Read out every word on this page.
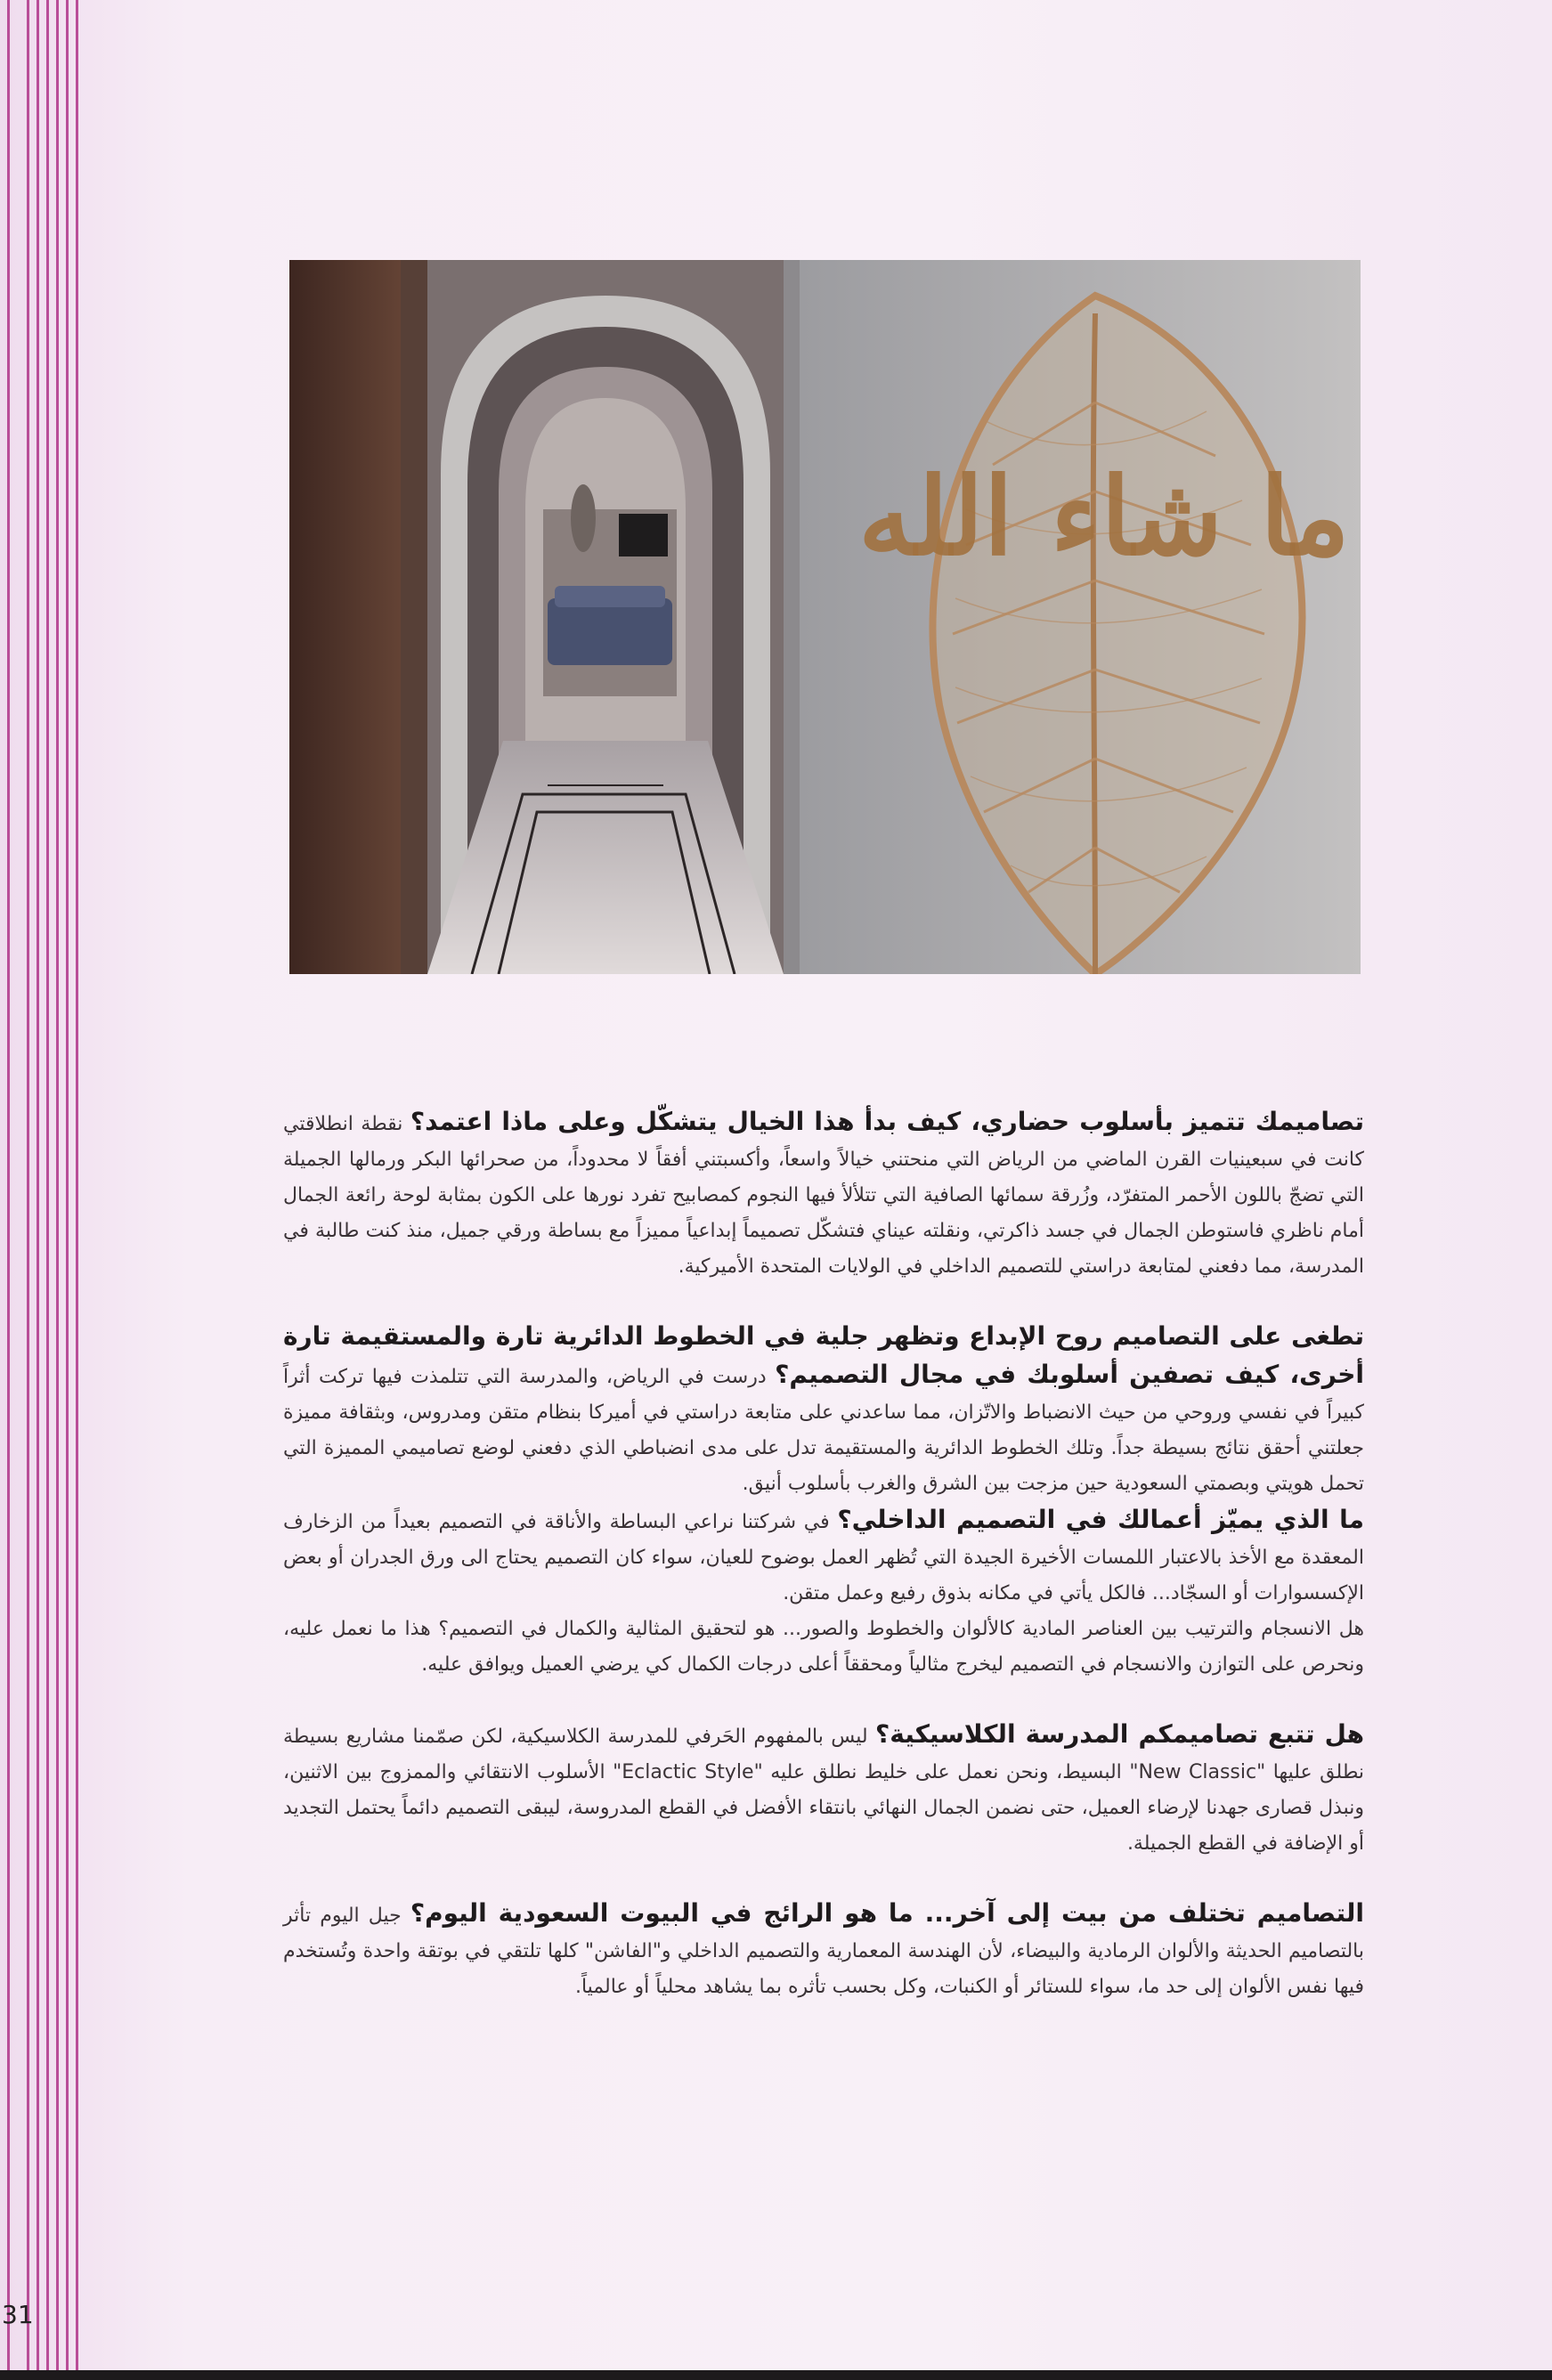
ما شاء الله

تصاميمك تتميز بأسلوب حضاري، كيف بدأ هذا الخيال يتشكّل وعلى ماذا اعتمد؟ نقطة انطلاقتي كانت في سبعينيات القرن الماضي من الرياض التي منحتني خيالاً واسعاً، وأكسبتني أفقاً لا محدوداً، من صحرائها البكر ورمالها الجميلة التي تضجّ باللون الأحمر المتفرّد، وزُرقة سمائها الصافية التي تتلألأ فيها النجوم كمصابيح تفرد نورها على الكون بمثابة لوحة رائعة الجمال أمام ناظري فاستوطن الجمال في جسد ذاكرتي، ونقلته عيناي فتشكّل تصميماً إبداعياً مميزاً مع بساطة ورقي جميل، منذ كنت طالبة في المدرسة، مما دفعني لمتابعة دراستي للتصميم الداخلي في الولايات المتحدة الأميركية.

تطغى على التصاميم روح الإبداع وتظهر جلية في الخطوط الدائرية تارة والمستقيمة تارة أخرى، كيف تصفين أسلوبك في مجال التصميم؟ درست في الرياض، والمدرسة التي تتلمذت فيها تركت أثراً كبيراً في نفسي وروحي من حيث الانضباط والاتّزان، مما ساعدني على متابعة دراستي في أميركا بنظام متقن ومدروس، وبثقافة مميزة جعلتني أحقق نتائج بسيطة جداً. وتلك الخطوط الدائرية والمستقيمة تدل على مدى انضباطي الذي دفعني لوضع تصاميمي المميزة التي تحمل هويتي وبصمتي السعودية حين مزجت بين الشرق والغرب بأسلوب أنيق.

ما الذي يميّز أعمالك في التصميم الداخلي؟ في شركتنا نراعي البساطة والأناقة في التصميم بعيداً من الزخارف المعقدة مع الأخذ بالاعتبار اللمسات الأخيرة الجيدة التي تُظهر العمل بوضوح للعيان، سواء كان التصميم يحتاج الى ورق الجدران أو بعض الإكسسوارات أو السجّاد... فالكل يأتي في مكانه بذوق رفيع وعمل متقن.

هل الانسجام والترتيب بين العناصر المادية كالألوان والخطوط والصور... هو لتحقيق المثالية والكمال في التصميم؟ هذا ما نعمل عليه، ونحرص على التوازن والانسجام في التصميم ليخرج مثالياً ومحققاً أعلى درجات الكمال كي يرضي العميل ويوافق عليه.

هل تتبع تصاميمكم المدرسة الكلاسيكية؟ ليس بالمفهوم الحَرفي للمدرسة الكلاسيكية، لكن صمّمنا مشاريع بسيطة نطلق عليها "New Classic" البسيط، ونحن نعمل على خليط نطلق عليه "Eclactic Style" الأسلوب الانتقائي والممزوج بين الاثنين، ونبذل قصارى جهدنا لإرضاء العميل، حتى نضمن الجمال النهائي بانتقاء الأفضل في القطع المدروسة، ليبقى التصميم دائماً يحتمل التجديد أو الإضافة في القطع الجميلة.

التصاميم تختلف من بيت إلى آخر... ما هو الرائج في البيوت السعودية اليوم؟ جيل اليوم تأثر بالتصاميم الحديثة والألوان الرمادية والبيضاء، لأن الهندسة المعمارية والتصميم الداخلي و"الفاشن" كلها تلتقي في بوتقة واحدة وتُستخدم فيها نفس الألوان إلى حد ما، سواء للستائر أو الكنبات، وكل بحسب تأثره بما يشاهد محلياً أو عالمياً.

31
